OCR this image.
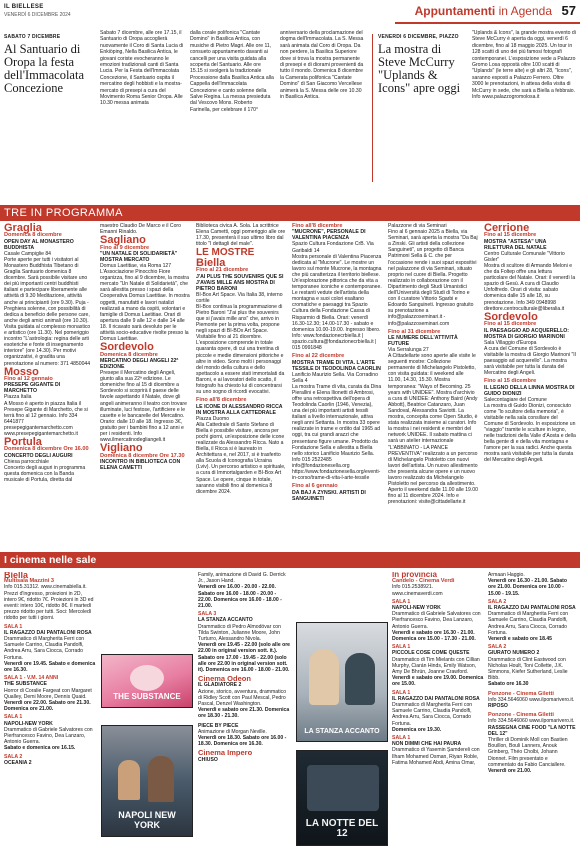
IL BIELLESE
VENERDÌ 6 DICEMBRE 2024	Appuntamenti in Agenda 57
SABATO 7 DICEMBRE
Al Santuario di Oropa la festa dell'Immacolata Concezione
Sabato 7 dicembre, alle ore 17.15, il Santuario di Oropa accoglierà nuovamente il Coro di Santa Lucia di Enkiöping, Nella Basilica Antica, le giovani coriste evocheranno le emozioni tradizionali canti di Santa Lucia. Per la Festa dell'Immacolata Concezione, il Santuario ospita il mercatino degli hobbisti e la mostra-mercato di presepi a cura del Movimento Roma Senior Oropa. Alle 10.30 messa animata
dalla corale polifonica "Cantate Domino" in Basilica Antica, con musiche di Pietro Magri. Alle ore 11, consueto appuntamento davanti ai cancelli per una visita guidata alla scoperta del Santuario. Alle ore 15.15 si svolgerà la tradizionale Processione dalla Basilica Antica alla Cappella dell'Immacolata Concezione e canto solenne della Salve Regina. La messa presieduta dal Vescovo Mons. Roberto Farinella, per celebrare il 170°
anniversario della proclamazione del dogma dell'Immacolata. La S. Messa sarà animata dal Coro di Oropa. Da non perdere, la Basilica Superiore dove si trova la mostra permanente di presepi e di diorami provenienti da tutto il mondo. Domenica 8 dicembre la Camerata polifonica "Cantate Domino" di San Giacomo Vercellese animerà la S. Messa delle ore 10.30 in Basilica Antica.
VENERDÌ 6 DICEMBRE, PIAZZO
La mostra di Steve McCurry "Uplands & Icons" apre oggi
"Uplands & Icons", la grande mostra evento di Steve McCurry è aperta da oggi, venerdì 6 dicembre, fino al 18 maggio 2025. Un tour in 128 scatti di uno dei più famosi fotografi contemporanei. L'esposizione vede a Palazzo Gromo Losa oppostà oltre 100 scatti di "Uplands" (le terre alte) e gli altri 28, "Icons", saranno esposti a Palazzo Ferrero. Oltre 3000 le prenotazioni, in attesa della visita di McCurry in sede, che sarà a Biella a febbraio. Info www.palazzogromolosa.it
TRE IN PROGRAMMA
Graglia
Domenica 8 dicembre
OPEN DAY AL MONASTERO BUDDHISTA
Casale Campiglie 84
Porte aperte per tutti i visitatori al Monastero Buddhista Tibetano di Graglia Santuario domenica 8 dicembre. Sarà possibile visitare uno dei più importanti centri buddhisti italiani e partecipare liberamente alle attività di 9.30 Meditazione, attività anche ai principianti (ore 9.30). Puja - Preghiera solenne, con possibilità di dedica a beneficio delle persone care, anche degli amici animali (ore 10.30). Visita guidata al complesso monastico e artistico (ore 11.30). Nel pomeriggio incontro "L'astrologia: regina delle arti esoteriche e fonte di insegnamento interiore" (ore 14.30). Per motivi organizzativi, è gradita una prenotazione al numero: 371 4850044
Mosso
Fino al 12 gennaio
PRESEPE GIGANTE DI MARCHETTO
Piazza Italia
A Mosso è aperto in piazza Italia il Presepe Gigante di Marchetto, che si terrà fino al 12 gennaio. Info 334 6441877 presepegigantemarchetto.com www.presepegigantemarchetto.it
Portula
Domenica 8 dicembre Ore 16.00
CONCERTO DEGLI AUGURI
Chiesa parrocchiale
Concerto degli auguri in programma questa domenica con la Banda musicale di Portula, diretta dal
maestro Claudio De Marco e il Coro Emanni Rinaldo.
Sagliano
Fino al 9 dicembre
"UN NATALE DI SOLIDARIETÀ" MOSTRA MERCATO
Domus Laetitiae, via Roma 127
L'Associazione Pinocchio Fiore organizza, fino al 9 dicembre, la mostra mercato "Un Natale di Solidarietà", che sarà allestita presso i spazi della Cooperativa Domus Laetitiae. In mostra oggetti, manufatti e lavori natalizi realizzati a mano da ospiti, volontari e famiglie di Domus Laetitiae. Orari di apertura dalle 9 alle 12 e dalle 14 alle 18. Il ricavato sarà devoluto per le attività socio-educative rivolte presso la Domus Laetitiae.
Sordevolo
Domenica 8 dicembre
MERCATINO DEGLI ANGELI 22ª EDIZIONE
Presepe il Mercatino degli Angeli, giunto alla sua 22ª edizione. Le domeniche fino al 15 di dicembre a Sordevolo si scoprirà il paese delle favole aspettando il Natale, dove gli angeli animeranno il teatro con trovare illuminate, luci festose, l'artificiere e le casette e le bancarelle del Mercatino. Orario: dalle 10 alle 18. Ingresso 3€, gratuito per i bambini fino a 12 anni e per i residenti. Info www.ilmercatinodegliangeli.it
Vigliano
Domenica 8 dicembre Ore 17.30
INCONTRO IN BIBLIOTECA CON ELENA CAMETTI
Biblioteca civica A. Sola. La scrittrice Elena Cametti, oggi pomeriggio alle ore 17.30, presenterà il suo ultimo libro dal titolo "I dettagli del male".
LE MOSTRE
Biella
Fino al 21 dicembre
J'AI PLUS THE SOUVENIRS QUE SI J'AVAIS MILLE ANS MOSTRA DI PIETRO BARONI
BI-Box Art Space. Via Italia 38, interno cortile
BI-Box continua la programmazione di Pietro Baroni "J'ai plus the souvenirs que si j'avais mille ans" che, arrivo in Piemonte per la prima volta, propone negli spazi di BI-BOx Art Space. Visitabile fino al 21 dicembre. L'esposizione comprende in totale quaranta opere, di cui una trentina di piccole e medie dimensioni pittoriche e altre in video. Sono molti i personaggi del mondo della cultura e dello spettacolo a essere stati immortalati da Baroni, e ai lavoratori dello scatto, il fotografo ha chiesto lui di concentrarsi su uno sogno di ricordi evocativi.
Fino all'8 dicembre
LE ICONE DI ALESSANDRO RICCA IN MOSTRA ALLA CATTEDRALE
Piazza Duomo
Alla Cattedrale di Santo Stefano di Biella è possibile visitare, ancora per pochi giorni, un'esposizione delle icone realizzate da Alessandro Ricca. Nato a Biella, il Ricca si è laureato in Architettura e, nel 2017, si è trasferito alla Scuola di Iconografia Ucraina (Lviv). Un percorso artistico e spirituale, a cura di Immortalgarden e BI-Box Art Space. Le opere, cinque in totale, saranno visibili fino al domenica 8 dicembre 2024.
Fino all'8 dicembre
"MUCRONE", PERSONALE DI VALENTINA PIACENZA
Spazio Cultura Fondazione CrB. Via Garibaldi 14
Mostra personale di Valentina Piacenza dedicata al "Mucrone". Le mostre un lavoro sul monte Mucrone, la montagna che più caratterizza il territorio biellese. Un'esplorazione pittorica che da vita a temporanee iconiche e contemporanee. Le restanti vedute dell'artista della montagna e suoi colori esaltano cromatiche e paesaggi tra Spazio Cultura della Fondazione Cassa di Risparmio di Biella. Orari: venerdì 16.30-12.30; 14.00-17.30 - sabato e domenica 10.00-19.00. Ingresso libero. Info: www.fondazionecrbiella.it | spazio.cultura@fondazionecrbiella.it | 015 0991848
Fino al 22 dicembre
MOSTRA TRAME DI VITA. L'ARTE TESSILE DI TEODOLINDA CAORLIN
Lanificio Maurizio Sella. Via Corradino Sella 4
La mostra Trame di vita, curata da Dina Pierallini e Elena Ilionetti di Ambrosi, offre una retrospettiva dell'opera di Teodolinda Caorlin (1946, Venezia), una dei più importanti artisti tessili italiani a livello internazionale, attiva negli anni Settanta. In mostra 33 opere realizzate in trame e ordito dal 1965 ad oggi, tra cui grandi arazzi che presentano figure umane. Prodotto da Fondazione Sella e allestita a Biella nello storico Lanificio Maurizio Sella. Info 015 2522485 info@fondazionesella.org https://www.fondazionesella.org/eventi-in-corso/trame-di-vita-l-arte-tessile
Fino al 6 gennaio
DA BAJ A ZYNSKI. ARTISTI DI SANGUINETI
Palazzone di via Seminari
Fino al 6 gennaio 2025 a Biella, via Seminari, sarà aperta la mostra "Da Baj a Zinski. Gli artisti della collezione Sanguineti", un progetto di Banca Patrimoni Sella & C. che per l'occasione rende i suoi spazi espositivi nel palazzone di via Seminari, situato proprio nel cuore di Biella. Progetto realizzato in collaborazione con il Dipartimento degli Studi Umanistici dell'Università degli Studi di Torino e con il curatore Vittorio Sgarbi e Edoardo Sanguineti. Ingresso gratuito su prenotazione a info@palazzoseminari.it - info@palazzoseminari.com
Fino al 31 dicembre
LE NUMERE DELL'ATTIVITÀ FUTURE
Via Serralunga 27
A Cittadellarte sono aperte alle visite le seguenti mostre: Collezione permanente di Michelangelo Pistoletto, con visita guidata: il weekend alle 11.00, 14.30, 15.30. Mostra temporanea: "Ways of Becoming. 25 years with UNIDEE". Mostra d'archivio a cura di UNIDEE: Anthony Baird (Andy Abbott), Beatrice Catanzaro, Juan Sandoval, Alessandra Saviotti. La mostra, concepita come Open Studio, è stata realizzata insieme ai curatori. Info la mostra i nei residenti e membri del network UNIDEE. Il sabato mattina ci sarà un atelier internazionale "L'ABBINATO - LA PANCE PREVENTIVA" realizzato a un percorso di Michelangelo Pistoletto con nuovi lavori dell'artista. Un nuovo allestimento che presenta alcune opere e un nuovo lavoro realizzato da Michelangelo Pistoletto nel percorso da allestimento. Aperto il weekend dalle 11.00 alle 19.00 fino al 11 dicembre 2024. Info e prenotazioni: visite@cittadellarte.it
Cerrione
Fino al 15 dicembre
MOSTRA "ASTESA" UNA RILETTURA DEL NATALE
Centro Culturale Comunale "Vittorio Gisler"
Mostra di scultore di Armando Meloni e che da Foltep offre una lettura particolare del Natale. Orari: il venerdì la spazio di Gesù. A cura di Claudio Unfolfredo. Orari di visita: sabato domenica dalle 15 alle 18, su prenotazione. Info 349 0948998 direttore.centroculturale@liberalia.it
Sordevolo
Fino al 15 dicembre
IL PAESAGGIO AD ACQUERELLO: MOSTRA DI GIORGIO MARINONI
Sala Villaggio d'Europa
A cura del Comune di Sordevolo è visitabile la mostra di Giorgio Marinoni "Il paesaggio ad acquerello". La mostra sarà visitabile per tutta la durata del Mercatino degli Angeli.
Fino al 15 dicembre
IL LEGNO DELLA LINNA MOSTRA DI GUIDO DIONIZI
Salecontagiare del Comune
La mostra di Guido Dionizi, conosciuto come "lo scultore della memoria", è visitabile nella sala consiliare del Comune di Sordevolo. In esposizione un "viaggio" tramite le sculture in legno, nelle tradizioni della Valle d'Aosta e della bella gente di e della vita montagna e l'amore per la sua radici. Anche questa mostra sarà visitabile per tutta la durata del Mercatino degli Angeli.
I cinema nelle sale
Biella
Multisala Mazzini 3
Info 015.31312. www.cinemabiella.it. Prezzi d'ingresso, proiezioni in 2D, intero 9€, ridotto 7€. Proiezioni in 3D ed eventi: intero 10€, ridotto 8€. Il martedì prezzo ridotto per tutti. Soci: Mercoledì ridotto per tutti i giorni.
SALA 1
IL RAGAZZO DAI PANTALONI ROSA
Drammatico di Margherita Ferri con Samuele Carrino, Claudia Pandolfi, Andrea Arru, Sara Ciocca, Corrado Fortuna.
Venerdì ore 19.45. Sabato e domenica ore 16.30.
SALA 1 - V.M. 14 ANNI
THE SUBSTANCE
Horror di Coralie Fargeat con Margaret Qualley, Demi Moore, Dennis Quaid.
Venerdì ore 22.00. Sabato ore 21.30. Domenica ore 21.00.
SALA 1
NAPOLI-NEW YORK
Drammatico di Gabriele Salvatores con Pierfrancesco Favino, Dea Lanzaro, Antonio Guerra.
Sabato e domenica ore 16.15.
SALA 2
OCEANIA 2
THE SUBSTANCE
NAPOLI NEW YORK
Family, animazione di David G. Derrick Jr., Jason Hand.
Venerdì ore 16.00 - 20.00 - 22.00. Sabato ore 16.00 - 18.00 - 20.00 - 22.00. Domenica ore 16.00 - 18.00 - 21.00.
SALA 3
LA STANZA ACCANTO
Drammatico di Pedro Almodóvar con Tilda Swinton, Julianne Moore, John Turturro, Alessandro Nivola.
Venerdì ore 19.45 - 22.00 (solo alle ore 22.00 in original version sott. it.). Sabato ore 17.00 - 19.45 - 22.00 (solo alle ore 22.00 in original version sott. it). Domenica ore 16.00 - 18.00 - 21.00.
Cinema Odeon
IL GLADIATORE 2
Azione, storico, avventura, drammatico di Ridley Scott con Paul Mescal, Pedro Pascal, Denzel Washington.
Venerdì e sabato ore 21.30. Domenica ore 18.30 - 21.30.
PIECE BY PIECE
Animazione di Morgan Neville.
Venerdì ore 18.30. Sabato ore 16.00 - 18.30. Domenica ore 16.30.
Cinema Impero
CHIUSO
LA STANZA ACCANTO
In provincia
Candelo - Cinema Verdi
Info 015.2538921. www.cinemaverdi.com
SALA 1
NAPOLI-NEW YORK
Drammatico di Gabriele Salvatores con Pierfrancesco Favino, Dea Lanzaro, Antonio Guerra.
Venerdì e sabato ore 16.30 - 21.00. Domenica ore 15.00 - 17.30 - 21.00.
SALA 1
PICCOLE COSE COME QUESTE
Drammatico di Tim Mielants con Cillian Murphy, Ciarán Hinds, Emily Watson, Amy De Bhrún, Joanne Crawford.
Venerdì e sabato ore 19.00. Domenica ore 15.00.
SALA 1
IL RAGAZZO DAI PANTALONI ROSA
Drammatico di Margherita Ferri con Samuele Carrino, Claudia Pandolfi, Andrea Arru, Sara Ciocca, Corrado Fortuna.
Domenica ore 19.30.
SALA 1
NON DIMMI CHE HAI PAURA
Drammatico di Yasemin Şamdereli con Ilham Mohamed Osman, Riyan Roble, Fatima Mohamed Abdi, Amina Omar,
Armaan Haggio.
Venerdì ore 16.30 - 21.00. Sabato ore 21.00. Domenica ore 10.00 - 15.00 - 19.15.
SALA 2
IL RAGAZZO DAI PANTALONI ROSA
Drammatico di Margherita Ferri con Samuele Carrino, Claudia Pandolfi, Andrea Arru, Sara Ciocca, Corrado Fortuna.
Venerdì e sabato ore 18.45
SALA 2
GIURATO NUMERO 2
Drammatico di Clint Eastwood con Nicholas Hoult, Toni Collette, J.K. Simmons, Kiefer Sutherland, Leslie Bibb.
Sabato ore 16.30
Ponzone - Cinema Giletti
Info 334.5646060 www.ilpomarivero.it.
RIPOSO
Ponzone - Cinema Giletti
Info 334.5646060 www.ilpomarivero.it.
RASSEGNA CINE FOOD "LA NOTTE DEL 12"
Thriller di Dominik Moll con Bastien Bouillon, Bouli Lanners, Anouk Grinberg, Théo Cholbi, Johann Dionnet. Film presentato e commentato da Fabio Canciallere.
Venerdì ore 21.00.
LA NOTTE DEL 12
